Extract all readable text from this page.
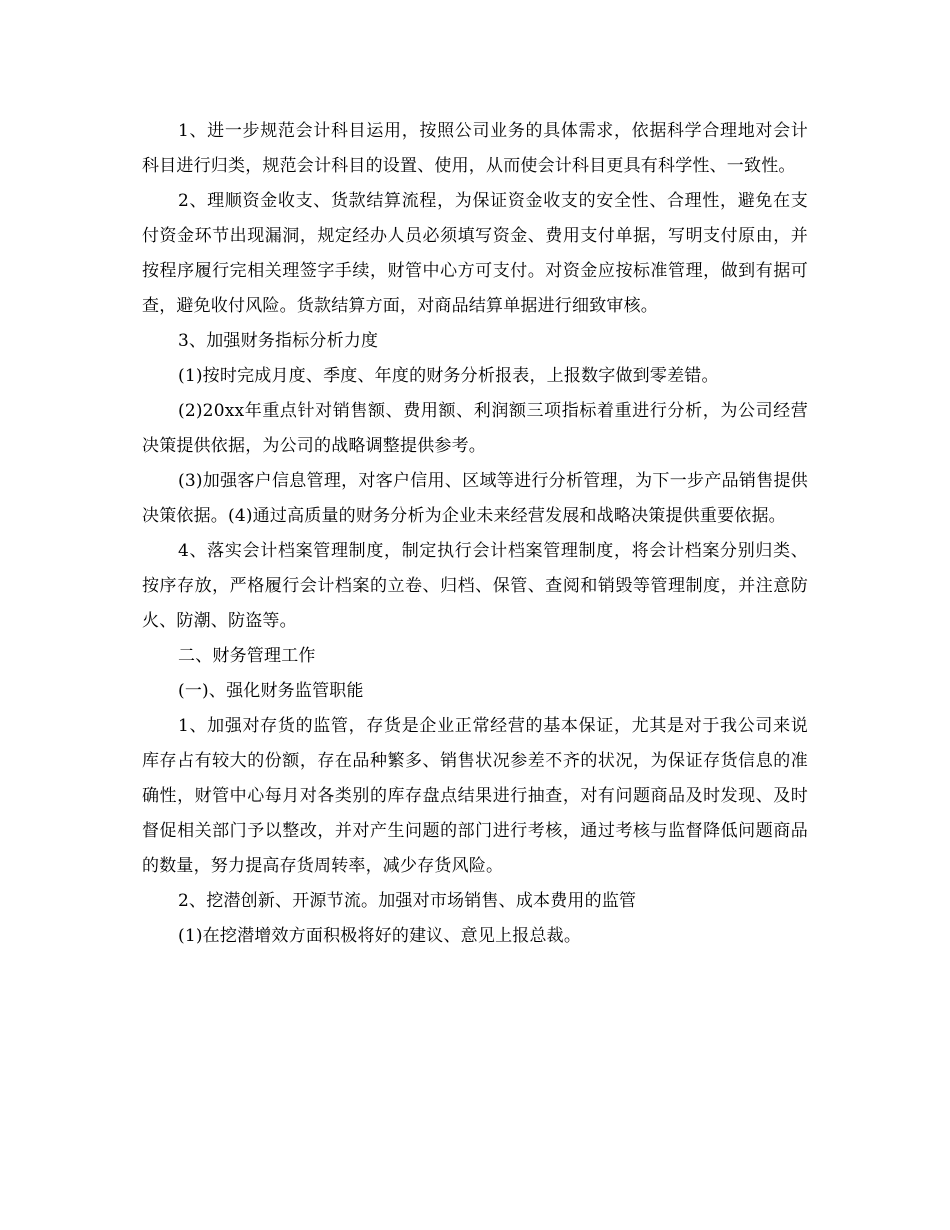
1、进一步规范会计科目运用，按照公司业务的具体需求，依据科学合理地对会计科目进行归类，规范会计科目的设置、使用，从而使会计科目更具有科学性、一致性。

2、理顺资金收支、货款结算流程，为保证资金收支的安全性、合理性，避免在支付资金环节出现漏洞，规定经办人员必须填写资金、费用支付单据，写明支付原由，并按程序履行完相关理签字手续，财管中心方可支付。对资金应按标准管理，做到有据可查，避免收付风险。货款结算方面，对商品结算单据进行细致审核。

3、加强财务指标分析力度

(1)按时完成月度、季度、年度的财务分析报表，上报数字做到零差错。

(2)20xx年重点针对销售额、费用额、利润额三项指标着重进行分析，为公司经营决策提供依据，为公司的战略调整提供参考。

(3)加强客户信息管理，对客户信用、区域等进行分析管理，为下一步产品销售提供决策依据。(4)通过高质量的财务分析为企业未来经营发展和战略决策提供重要依据。

4、落实会计档案管理制度，制定执行会计档案管理制度，将会计档案分别归类、按序存放，严格履行会计档案的立卷、归档、保管、查阅和销毁等管理制度，并注意防火、防潮、防盗等。

二、财务管理工作

(一)、强化财务监管职能

1、加强对存货的监管，存货是企业正常经营的基本保证，尤其是对于我公司来说库存占有较大的份额，存在品种繁多、销售状况参差不齐的状况，为保证存货信息的准确性，财管中心每月对各类别的库存盘点结果进行抽查，对有问题商品及时发现、及时督促相关部门予以整改，并对产生问题的部门进行考核，通过考核与监督降低问题商品的数量，努力提高存货周转率，减少存货风险。

2、挖潜创新、开源节流。加强对市场销售、成本费用的监管

(1)在挖潜增效方面积极将好的建议、意见上报总裁。
